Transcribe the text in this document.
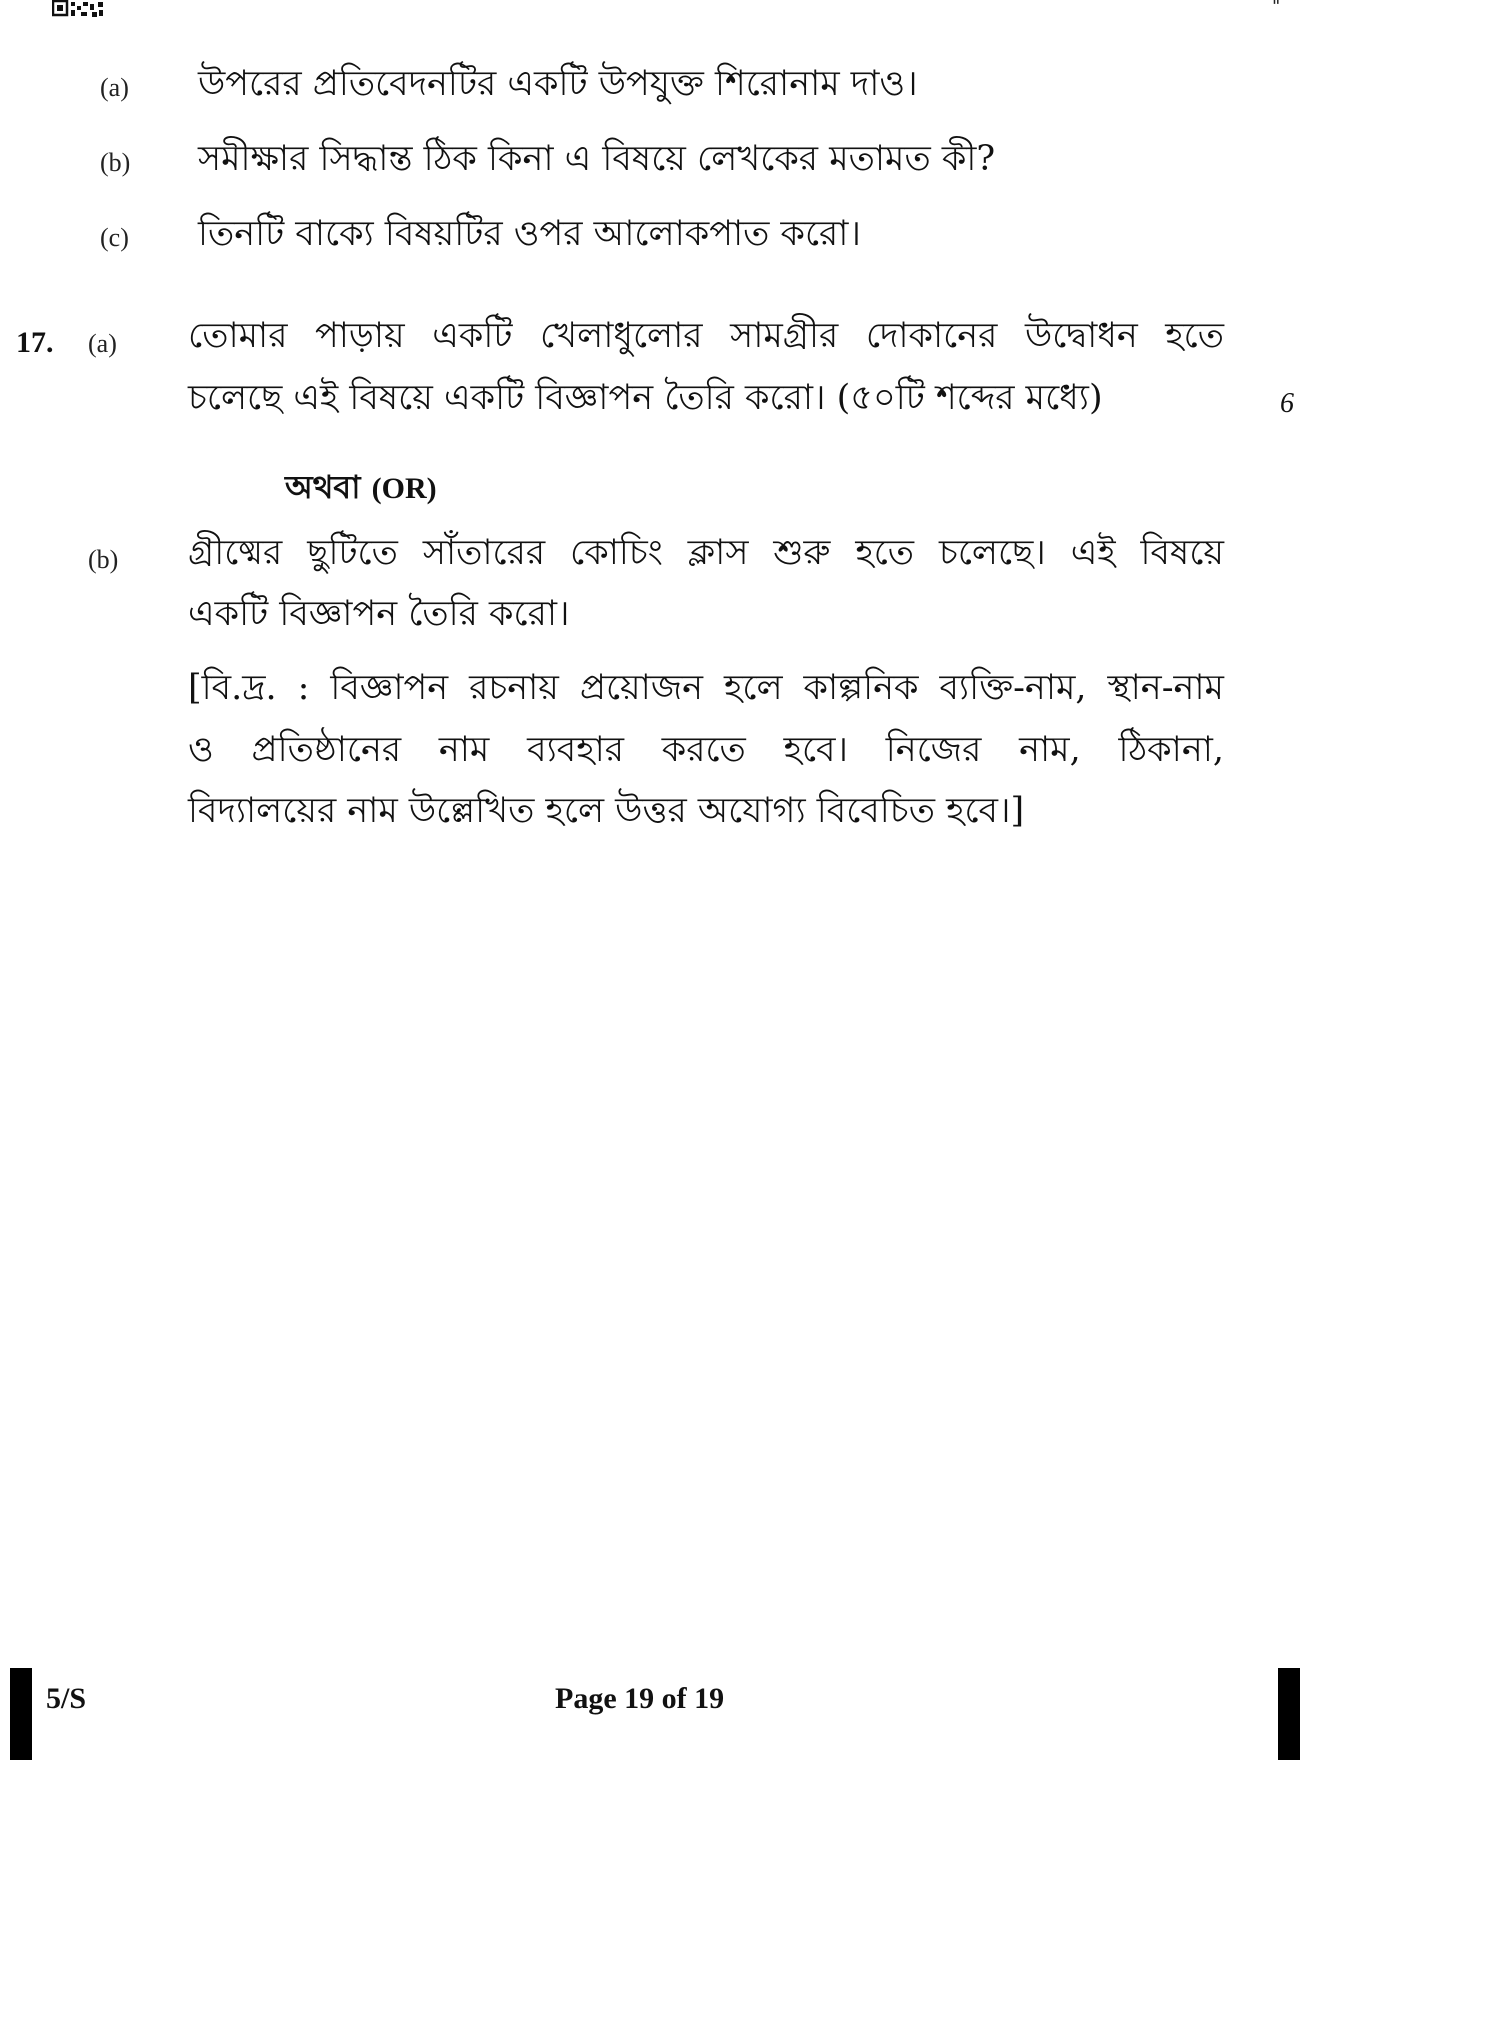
"
(a) উপরের প্রতিবেদনটির একটি উপযুক্ত শিরোনাম দাও।
(b) সমীক্ষার সিদ্ধান্ত ঠিক কিনা এ বিষয়ে লেখকের মতামত কী?
(c) তিনটি বাক্যে বিষয়টির ওপর আলোকপাত করো।
17. (a) তোমার পাড়ায় একটি খেলাধুলোর সামগ্রীর দোকানের উদ্বোধন হতে
চলেছে এই বিষয়ে একটি বিজ্ঞাপন তৈরি করো। (৫০টি শব্দের মধ্যে)	6
অথবা (OR)
(b) গ্রীষ্মের ছুটিতে সাঁতারের কোচিং ক্লাস শুরু হতে চলেছে। এই বিষয়ে
একটি বিজ্ঞাপন তৈরি করো।
[বি.দ্র. : বিজ্ঞাপন রচনায় প্রয়োজন হলে কাল্পনিক ব্যক্তি-নাম, স্থান-নাম
ও প্রতিষ্ঠানের নাম ব্যবহার করতে হবে। নিজের নাম, ঠিকানা,
বিদ্যালয়ের নাম উল্লেখিত হলে উত্তর অযোগ্য বিবেচিত হবে।]
5/S	Page 19 of 19
